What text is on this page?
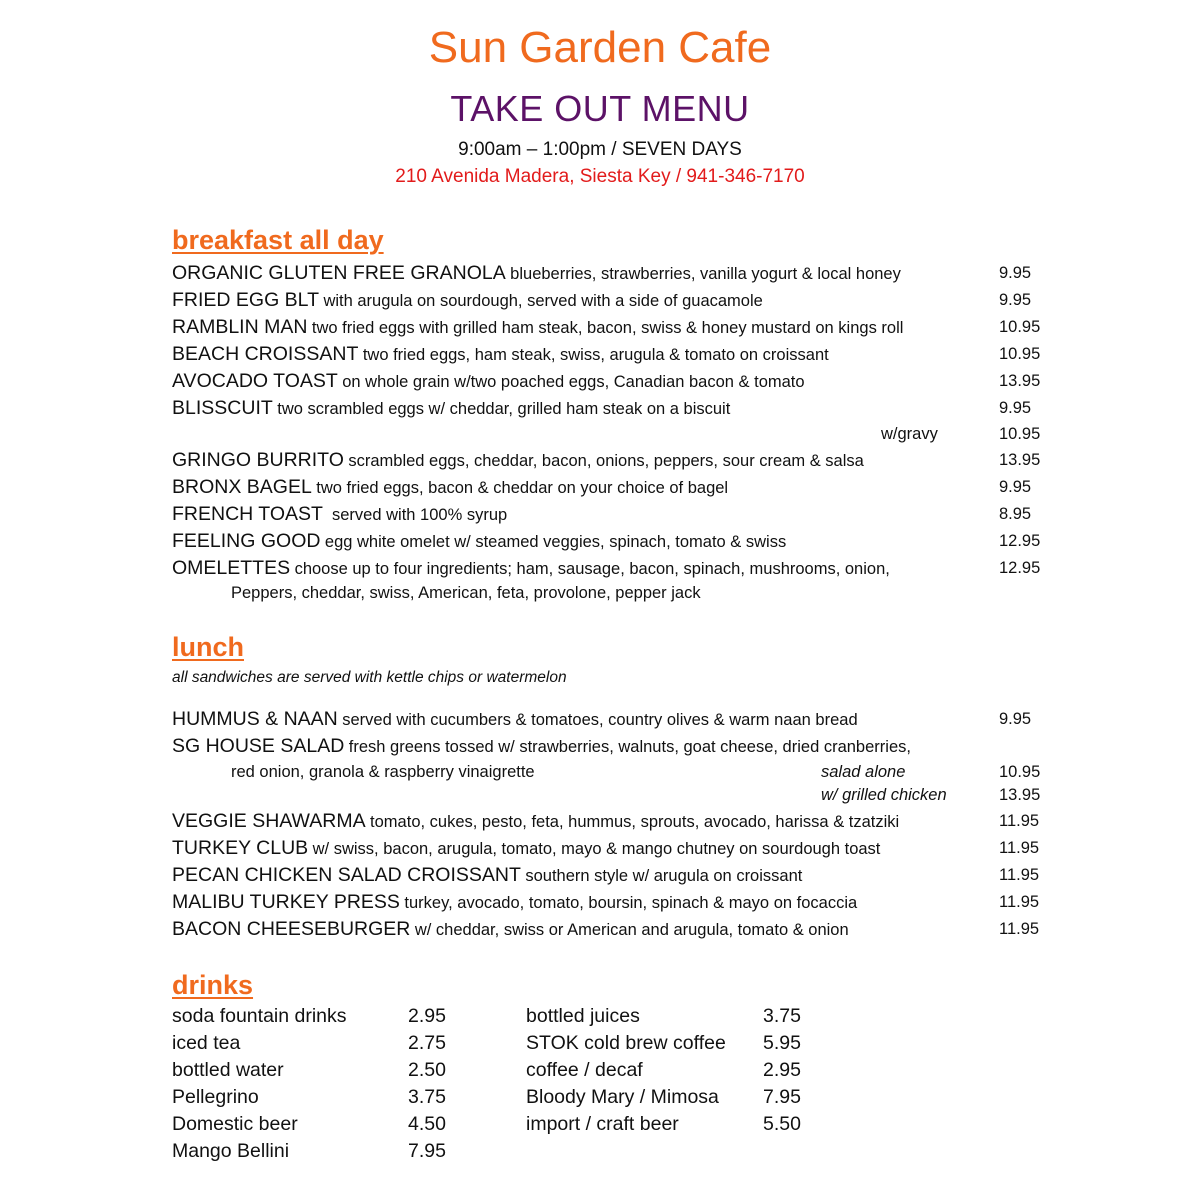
Sun Garden Cafe
TAKE OUT MENU
9:00am – 1:00pm / SEVEN DAYS
210 Avenida Madera, Siesta Key / 941-346-7170
breakfast all day
ORGANIC GLUTEN FREE GRANOLA blueberries, strawberries, vanilla yogurt & local honey	9.95
FRIED EGG BLT with arugula on sourdough, served with a side of guacamole	9.95
RAMBLIN MAN two fried eggs with grilled ham steak, bacon, swiss & honey mustard on kings roll	10.95
BEACH CROISSANT two fried eggs, ham steak, swiss, arugula & tomato on croissant	10.95
AVOCADO TOAST on whole grain w/two poached eggs, Canadian bacon & tomato	13.95
BLISSCUIT two scrambled eggs w/ cheddar, grilled ham steak on a biscuit	9.95
w/gravy	10.95
GRINGO BURRITO scrambled eggs, cheddar, bacon, onions, peppers, sour cream & salsa	13.95
BRONX BAGEL two fried eggs, bacon & cheddar on your choice of bagel	9.95
FRENCH TOAST  served with 100% syrup	8.95
FEELING GOOD egg white omelet w/ steamed veggies, spinach, tomato & swiss	12.95
OMELETTES choose up to four ingredients; ham, sausage, bacon, spinach, mushrooms, onion,	12.95
Peppers, cheddar, swiss, American, feta, provolone, pepper jack
lunch
all sandwiches are served with kettle chips or watermelon
HUMMUS & NAAN served with cucumbers & tomatoes, country olives & warm naan bread	9.95
SG HOUSE SALAD fresh greens tossed w/ strawberries, walnuts, goat cheese, dried cranberries,
red onion, granola & raspberry vinaigrette	salad alone	10.95
w/ grilled chicken	13.95
VEGGIE SHAWARMA tomato, cukes, pesto, feta, hummus, sprouts, avocado, harissa & tzatziki	11.95
TURKEY CLUB w/ swiss, bacon, arugula, tomato, mayo & mango chutney on sourdough toast	11.95
PECAN CHICKEN SALAD CROISSANT southern style w/ arugula on croissant	11.95
MALIBU TURKEY PRESS turkey, avocado, tomato, boursin, spinach & mayo on focaccia	11.95
BACON CHEESEBURGER w/ cheddar, swiss or American and arugula, tomato & onion	11.95
drinks
soda fountain drinks	2.95
iced tea	2.75
bottled water	2.50
Pellegrino	3.75
Domestic beer	4.50
Mango Bellini	7.95
bottled juices	3.75
STOK cold brew coffee 5.95
coffee / decaf	2.95
Bloody Mary / Mimosa 7.95
import / craft beer	5.50
